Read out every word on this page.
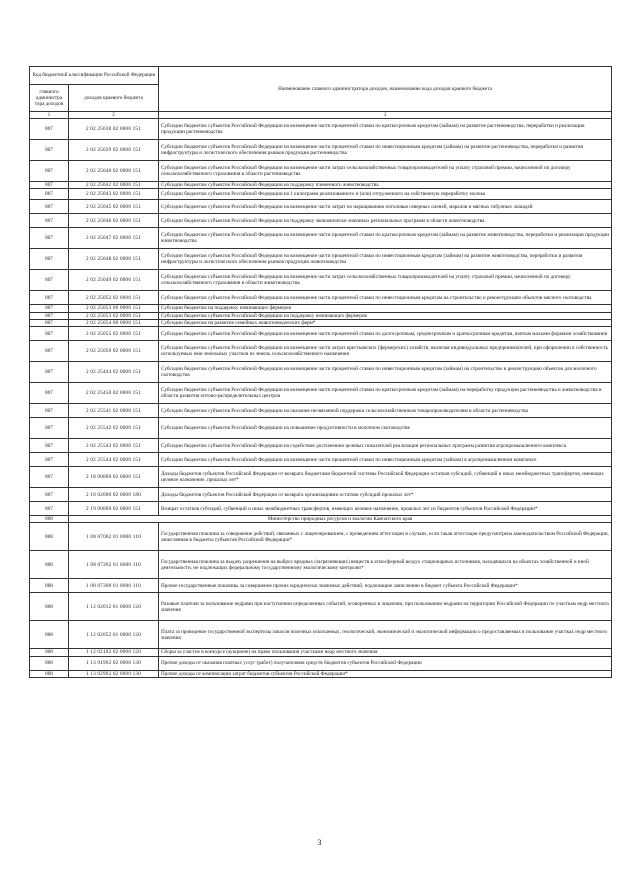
Код бюджетной классификации Российской Федерации		Наименование главного администратора доходов, наименование кода доходов краевого бюджета
главного администра тора доходов	доходов краевого бюджета	
1	2	3
807	2 02 25038 02 0000 151	Субсидии бюджетам субъектов Российской Федерации на возмещение части процентной ставки по краткосрочным кредитам (займам) на развитие растениеводства, переработки и реализации продукции растениеводства
807	2 02 25039 02 0000 151	Субсидии бюджетам субъектов Российской Федерации на возмещение части процентной ставки по инвестиционным кредитам (займам) на развитие растениеводства, переработки и развития инфраструктуры и логистического обеспечения рынков продукции растениеводства
807	2 02 25040 02 0000 151	Субсидии бюджетам субъектов Российской Федерации на возмещение части затрат сельскохозяйственных товаропроизводителей на уплату страховой премии, начисленной по договору сельскохозяйственного страхования в области растениеводства
807	2 02 25042 02 0000 151	Субсидии бюджетам субъектов Российской Федерации на поддержку племенного животноводства
807	2 02 25043 02 0000 151	Субсидии бюджетам субъектов Российской Федерации на 1 килограмм реализованного и (или) отгруженного на собственную переработку молока
807	2 02 25045 02 0000 151	Субсидии бюджетам субъектов Российской Федерации на возмещение части затрат по наращиванию поголовья северных оленей, маралов и мясных табунных лошадей
807	2 02 25046 02 0000 151	Субсидии бюджетам субъектов Российской Федерации на поддержку экономически значимых региональных программ в области животноводства
807	2 02 25047 02 0000 151	Субсидии бюджетам субъектов Российской Федерации на возмещение части процентной ставки по краткосрочным кредитам (займам) на развитие животноводства, переработки и реализации продукции животноводства
807	2 02 25048 02 0000 151	Субсидии бюджетам субъектов Российской Федерации на возмещение части процентной ставки по инвестиционным кредитам (займам) на развитие животноводства, переработки и развития инфраструктуры и логистического обеспечения рынков продукции животноводства
807	2 02 25049 02 0000 151	Субсидии бюджетам субъектов Российской Федерации на возмещение части затрат сельскохозяйственных товаропроизводителей на уплату страховой премии, начисленной по договору сельскохозяйственного страхования в области животноводства
807	2 02 25052 02 0000 151	Субсидии бюджетам субъектов Российской Федерации на возмещение части процентной ставки по инвестиционным кредитам на строительство и реконструкцию объектов мясного скотоводства
807	2 02 25053 00 0000 151	Субсидии бюджетам на поддержку начинающих фермеров
807	2 02 25053 02 0000 151	Субсидии бюджетам субъектов Российской Федерации на поддержку начинающих фермеров
807	2 02 25054 00 0000 151	Субсидии бюджетам на развитие семейных животноводческих ферм*
807	2 02 25055 02 0000 151	Субсидии бюджетам субъектов Российской Федерации на возмещение части процентной ставки по долгосрочным, среднесрочным и краткосрочным кредитам, взятым малыми формами хозяйствования
807	2 02 25056 02 0000 151	Субсидии бюджетам субъектов Российской Федерации на возмещение части затрат крестьянских (фермерских) хозяйств, включая индивидуальных предпринимателей, при оформлении в собственность используемых ими земельных участков из земель сельскохозяйственного назначения
807	2 02 25444 02 0000 151	Субсидии бюджетам субъектов Российской Федерации на возмещение части процентной ставки по инвестиционным кредитам (займам) на строительство и реконструкцию объектов для молочного скотоводства
807	2 02 25450 02 0000 151	Субсидии бюджетам субъектов Российской Федерации на возмещение части процентной ставки по краткосрочным кредитам (займам) на переработку продукции растениеводства и животноводства в области развития оптово-распределительных центров
807	2 02 25541 02 0000 151	Субсидии бюджетам субъектов Российской Федерации на оказание несвязанной поддержки сельскохозяйственным товаропроизводителям в области растениеводства
807	2 02 25542 02 0000 151	Субсидии бюджетам субъектов Российской Федерации на повышение продуктивности в молочном скотоводстве
807	2 02 25543 02 0000 151	Субсидии бюджетам субъектов Российской Федерации на содействие достижению целевых показателей реализации региональных программ развития агропромышленного комплекса
807	2 02 25544 02 0000 151	Субсидии бюджетам субъектов Российской Федерации на возмещение части процентной ставки по инвестиционным кредитам (займам) в агропромышленном комплексе
807	2 18 00000 02 0000 151	Доходы бюджетов субъектов Российской Федерации от возврата бюджетами бюджетной системы Российской Федерации остатков субсидий, субвенций и иных межбюджетных трансфертов, имеющих целевое назначение, прошлых лет*
807	2 18 02000 02 0000 180	Доходы бюджетов субъектов Российской Федерации от возврата организациями остатков субсидий прошлых лет*
807	2 19 00000 02 0000 151	Возврат остатков субсидий, субвенций и иных межбюджетных трансфертов, имеющих целевое назначение, прошлых лет из бюджетов субъектов Российской Федерации*
808	Министерство природных ресурсов и экологии Камчатского края	
808	1 08 07082 01 0000 110	Государственная пошлина за совершение действий, связанных с лицензированием, с проведением аттестации в случаях, если такая аттестация предусмотрена законодательством Российской Федерации, зачисляемая в бюджеты субъектов Российской Федерации*
808	1 08 07262 01 0000 110	Государственная пошлина за выдачу разрешения на выброс вредных (загрязняющих) веществ в атмосферный воздух стационарных источников, находящихся на объектах хозяйственной и иной деятельности, не подлежащих федеральному государственному экологическому контролю*
808	1 08 07300 01 0000 110	Прочие государственные пошлины за совершение прочих юридически значимых действий, подлежащие зачислению в бюджет субъекта Российской Федерации*
808	1 12 02012 01 0000 120	Разовые платежи за пользование недрами при наступлении определенных событий, оговоренных в лицензии, при пользовании недрами на территории Российской Федерации по участкам недр местного значения
808	1 12 02052 01 0000 120	Плата за проведение государственной экспертизы запасов полезных ископаемых, геологической, экономической и экологической информации о предоставляемых в пользование участках недр местного значения
808	1 12 02102 02 0000 120	Сборы за участие в конкурсе (аукционе) на право пользования участками недр местного значения
808	1 13 01992 02 0000 130	Прочие доходы от оказания платных услуг (работ) получателями средств бюджетов субъектов Российской Федерации
808	1 13 02992 02 0000 130	Прочие доходы от компенсации затрат бюджетов субъектов Российской Федерации*
3
